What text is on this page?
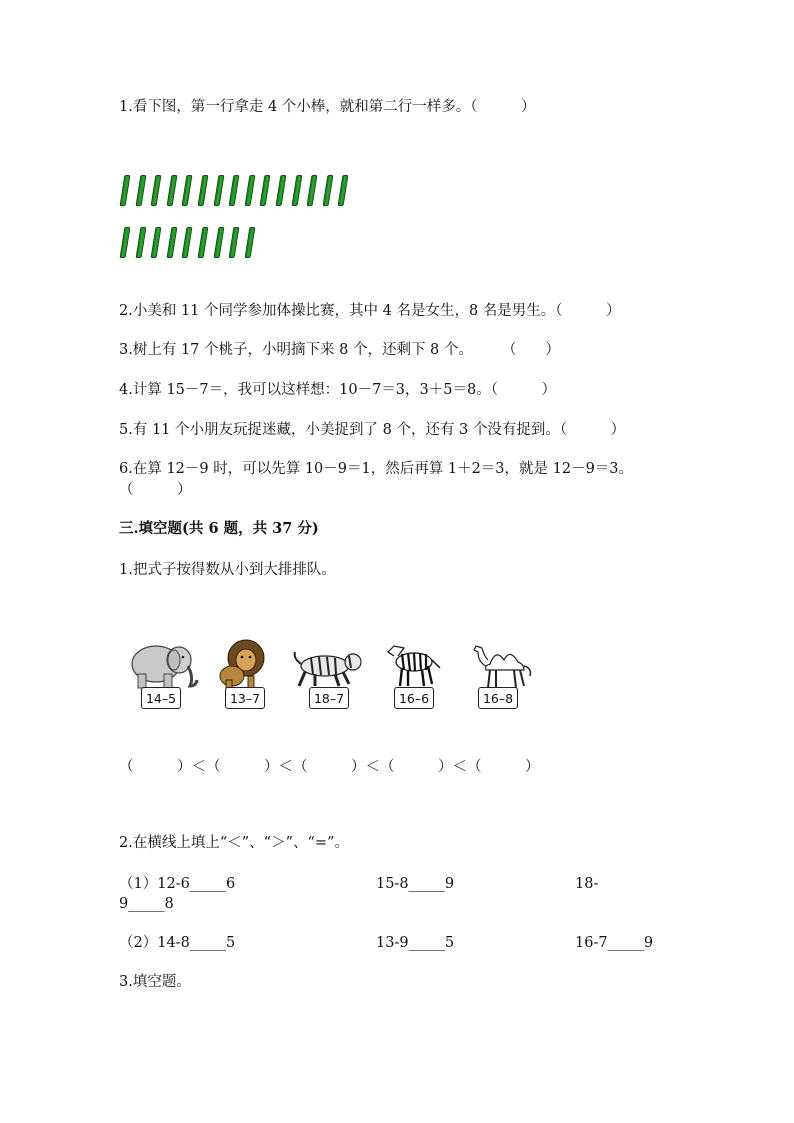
1.看下图，第一行拿走 4 个小棒，就和第二行一样多。（　　　）
2.小美和 11 个同学参加体操比赛，其中 4 名是女生，8 名是男生。（　　　）
3.树上有 17 个桃子，小明摘下来 8 个，还剩下 8 个。　　　（　　）
4.计算 15－7＝，我可以这样想：10－7＝3，3＋5＝8。（　　　）
5.有 11 个小朋友玩捉迷藏，小美捉到了 8 个，还有 3 个没有捉到。（　　　）
6.在算 12－9 时，可以先算 10－9＝1，然后再算 1＋2＝3，就是 12－9＝3。
（　　　）
三.填空题(共 6 题，共 37 分)
1.把式子按得数从小到大排排队。
14–5	13–7	18–7	16–6	16–8
（　　　）＜（　　　）＜（　　　）＜（　　　）＜（　　　）
2.在横线上填上“＜”、“＞”、“=”。
（1）12-6_____6	15-8_____9	18-
9_____8
（2）14-8_____5	13-9_____5	16-7_____9
3.填空题。
